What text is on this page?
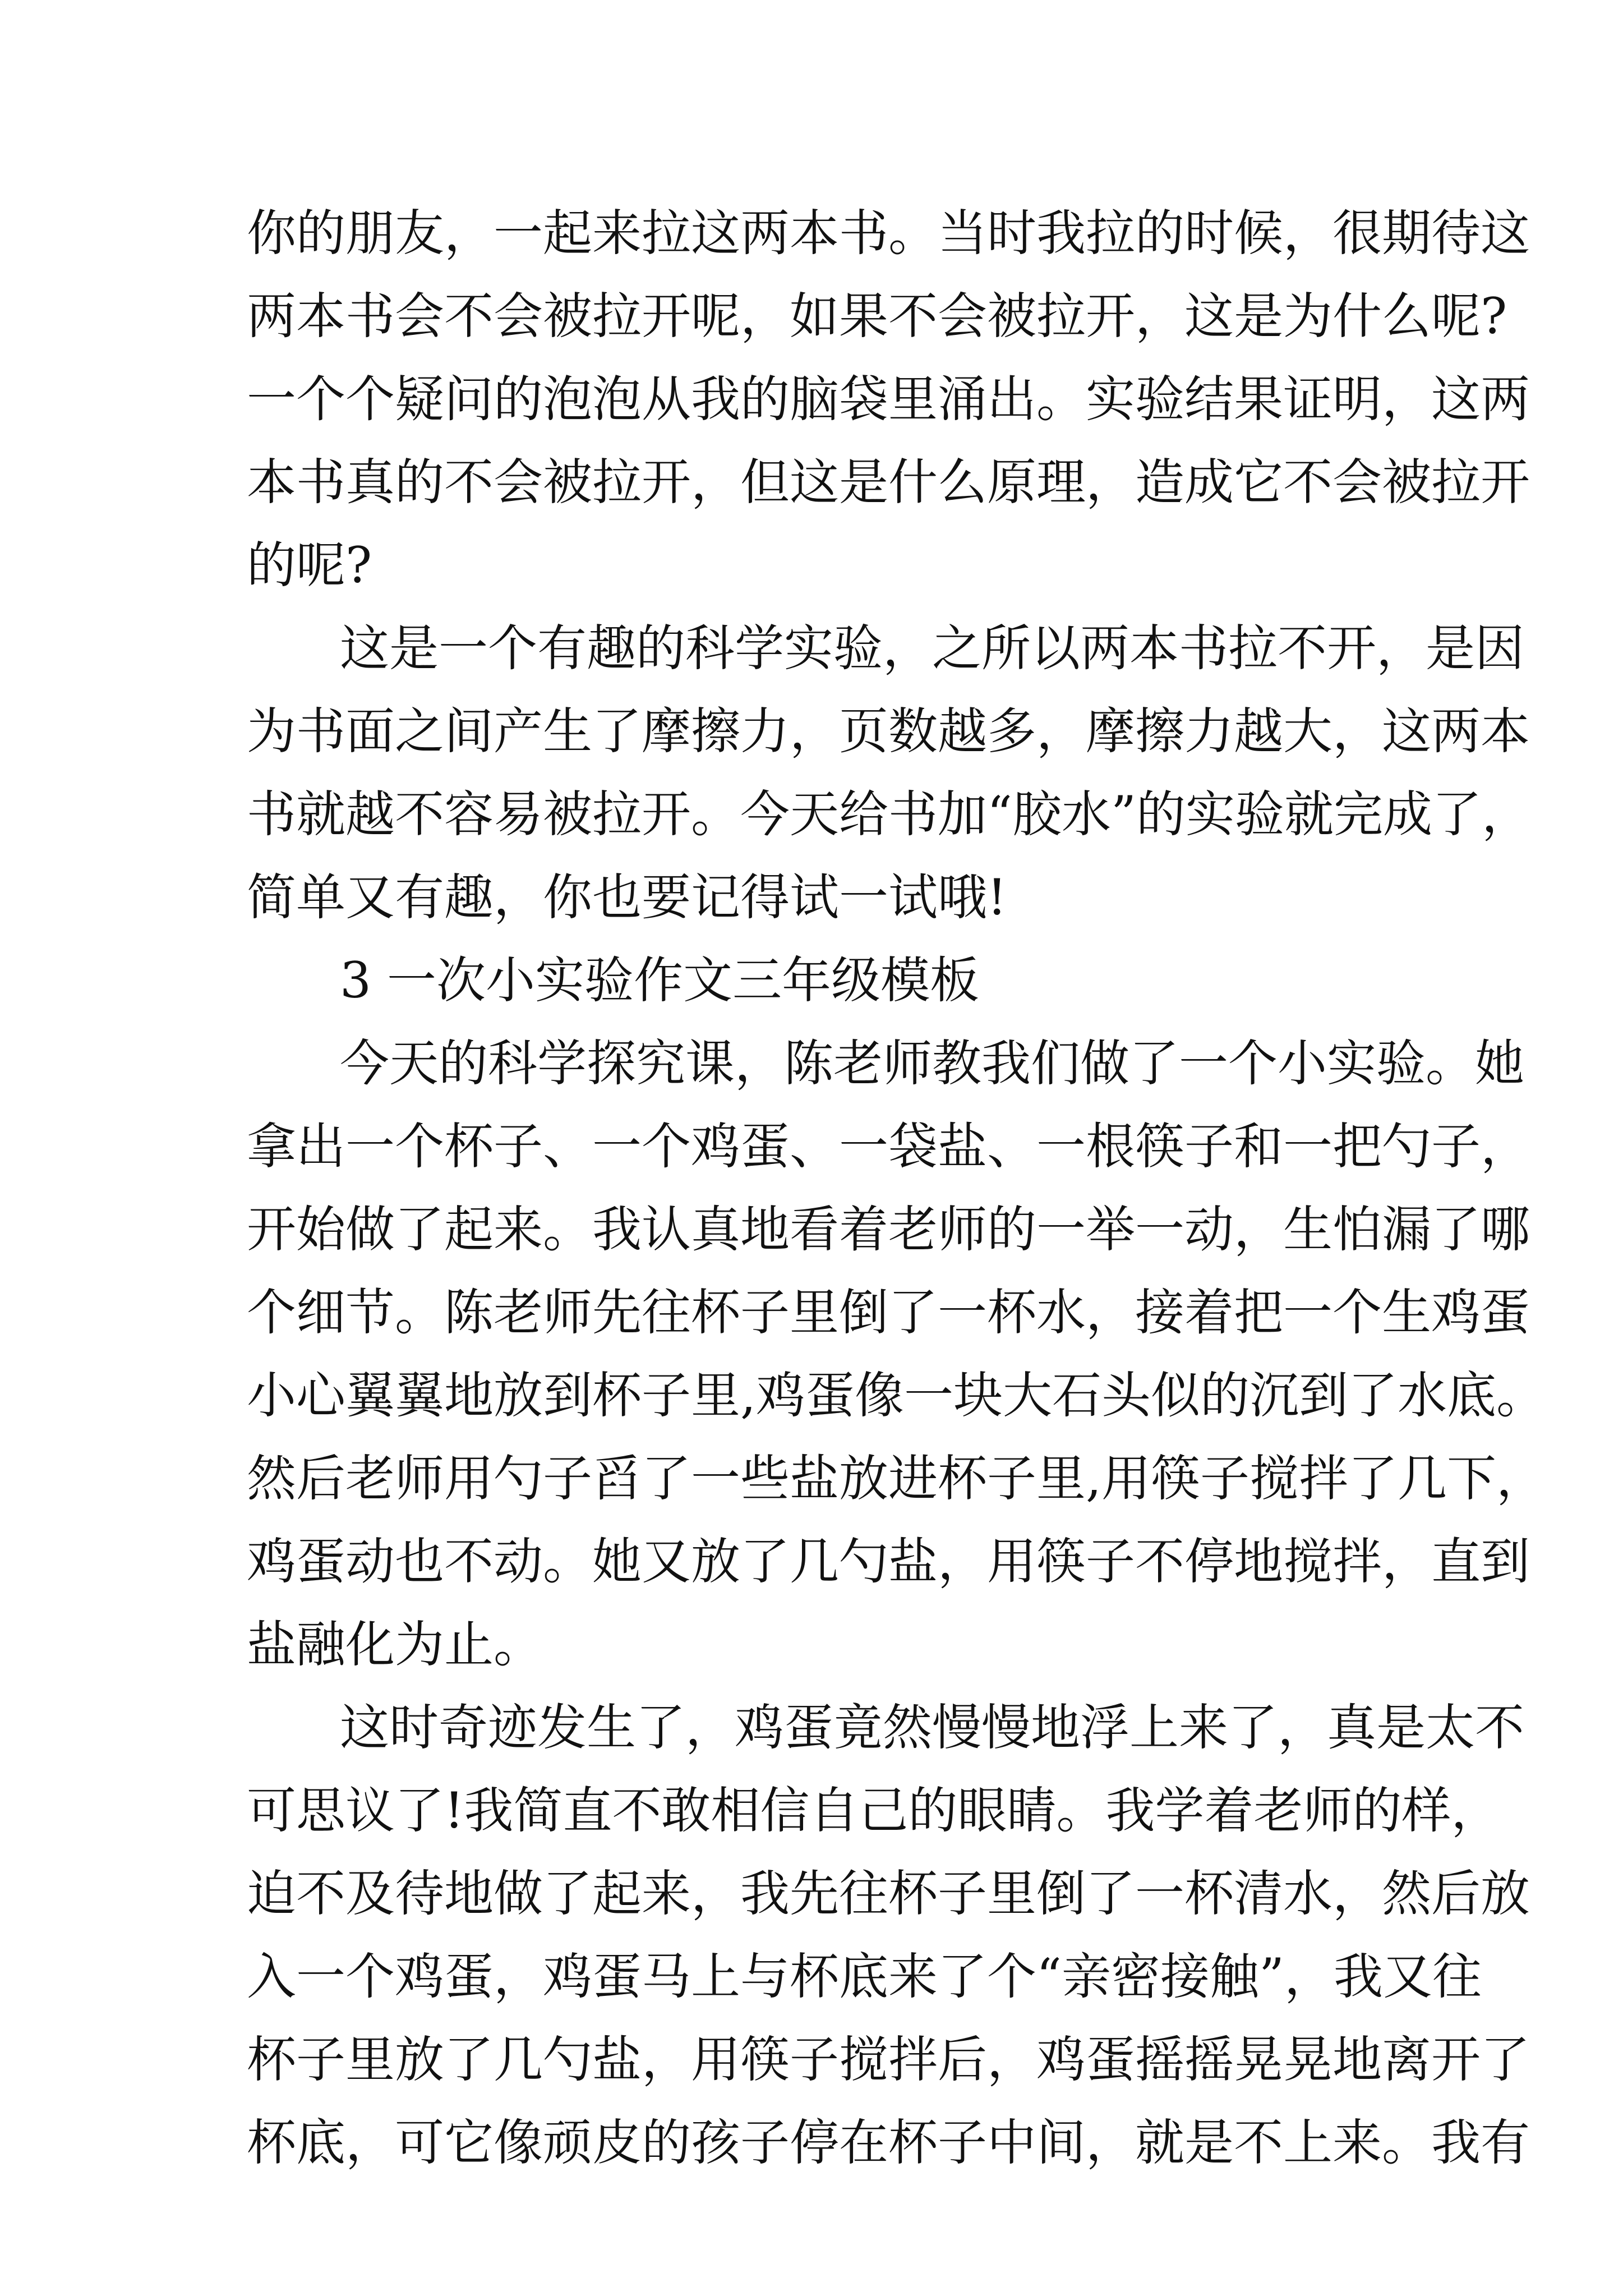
你的朋友，一起来拉这两本书。当时我拉的时候，很期待这

两本书会不会被拉开呢，如果不会被拉开，这是为什么呢?

一个个疑问的泡泡从我的脑袋里涌出。实验结果证明，这两

本书真的不会被拉开，但这是什么原理，造成它不会被拉开

的呢?

这是一个有趣的科学实验，之所以两本书拉不开，是因

为书面之间产生了摩擦力，页数越多，摩擦力越大，这两本

书就越不容易被拉开。今天给书加“胶水”的实验就完成了，

简单又有趣，你也要记得试一试哦!

3 一次小实验作文三年级模板

今天的科学探究课，陈老师教我们做了一个小实验。她

拿出一个杯子、一个鸡蛋、一袋盐、一根筷子和一把勺子，

开始做了起来。我认真地看着老师的一举一动，生怕漏了哪

个细节。陈老师先往杯子里倒了一杯水，接着把一个生鸡蛋

小心翼翼地放到杯子里,鸡蛋像一块大石头似的沉到了水底。

然后老师用勺子舀了一些盐放进杯子里,用筷子搅拌了几下，

鸡蛋动也不动。她又放了几勺盐，用筷子不停地搅拌，直到

盐融化为止。

这时奇迹发生了，鸡蛋竟然慢慢地浮上来了，真是太不

可思议了!我简直不敢相信自己的眼睛。我学着老师的样，

迫不及待地做了起来，我先往杯子里倒了一杯清水，然后放

入一个鸡蛋，鸡蛋马上与杯底来了个“亲密接触”，我又往

杯子里放了几勺盐，用筷子搅拌后，鸡蛋摇摇晃晃地离开了

杯底，可它像顽皮的孩子停在杯子中间，就是不上来。我有
